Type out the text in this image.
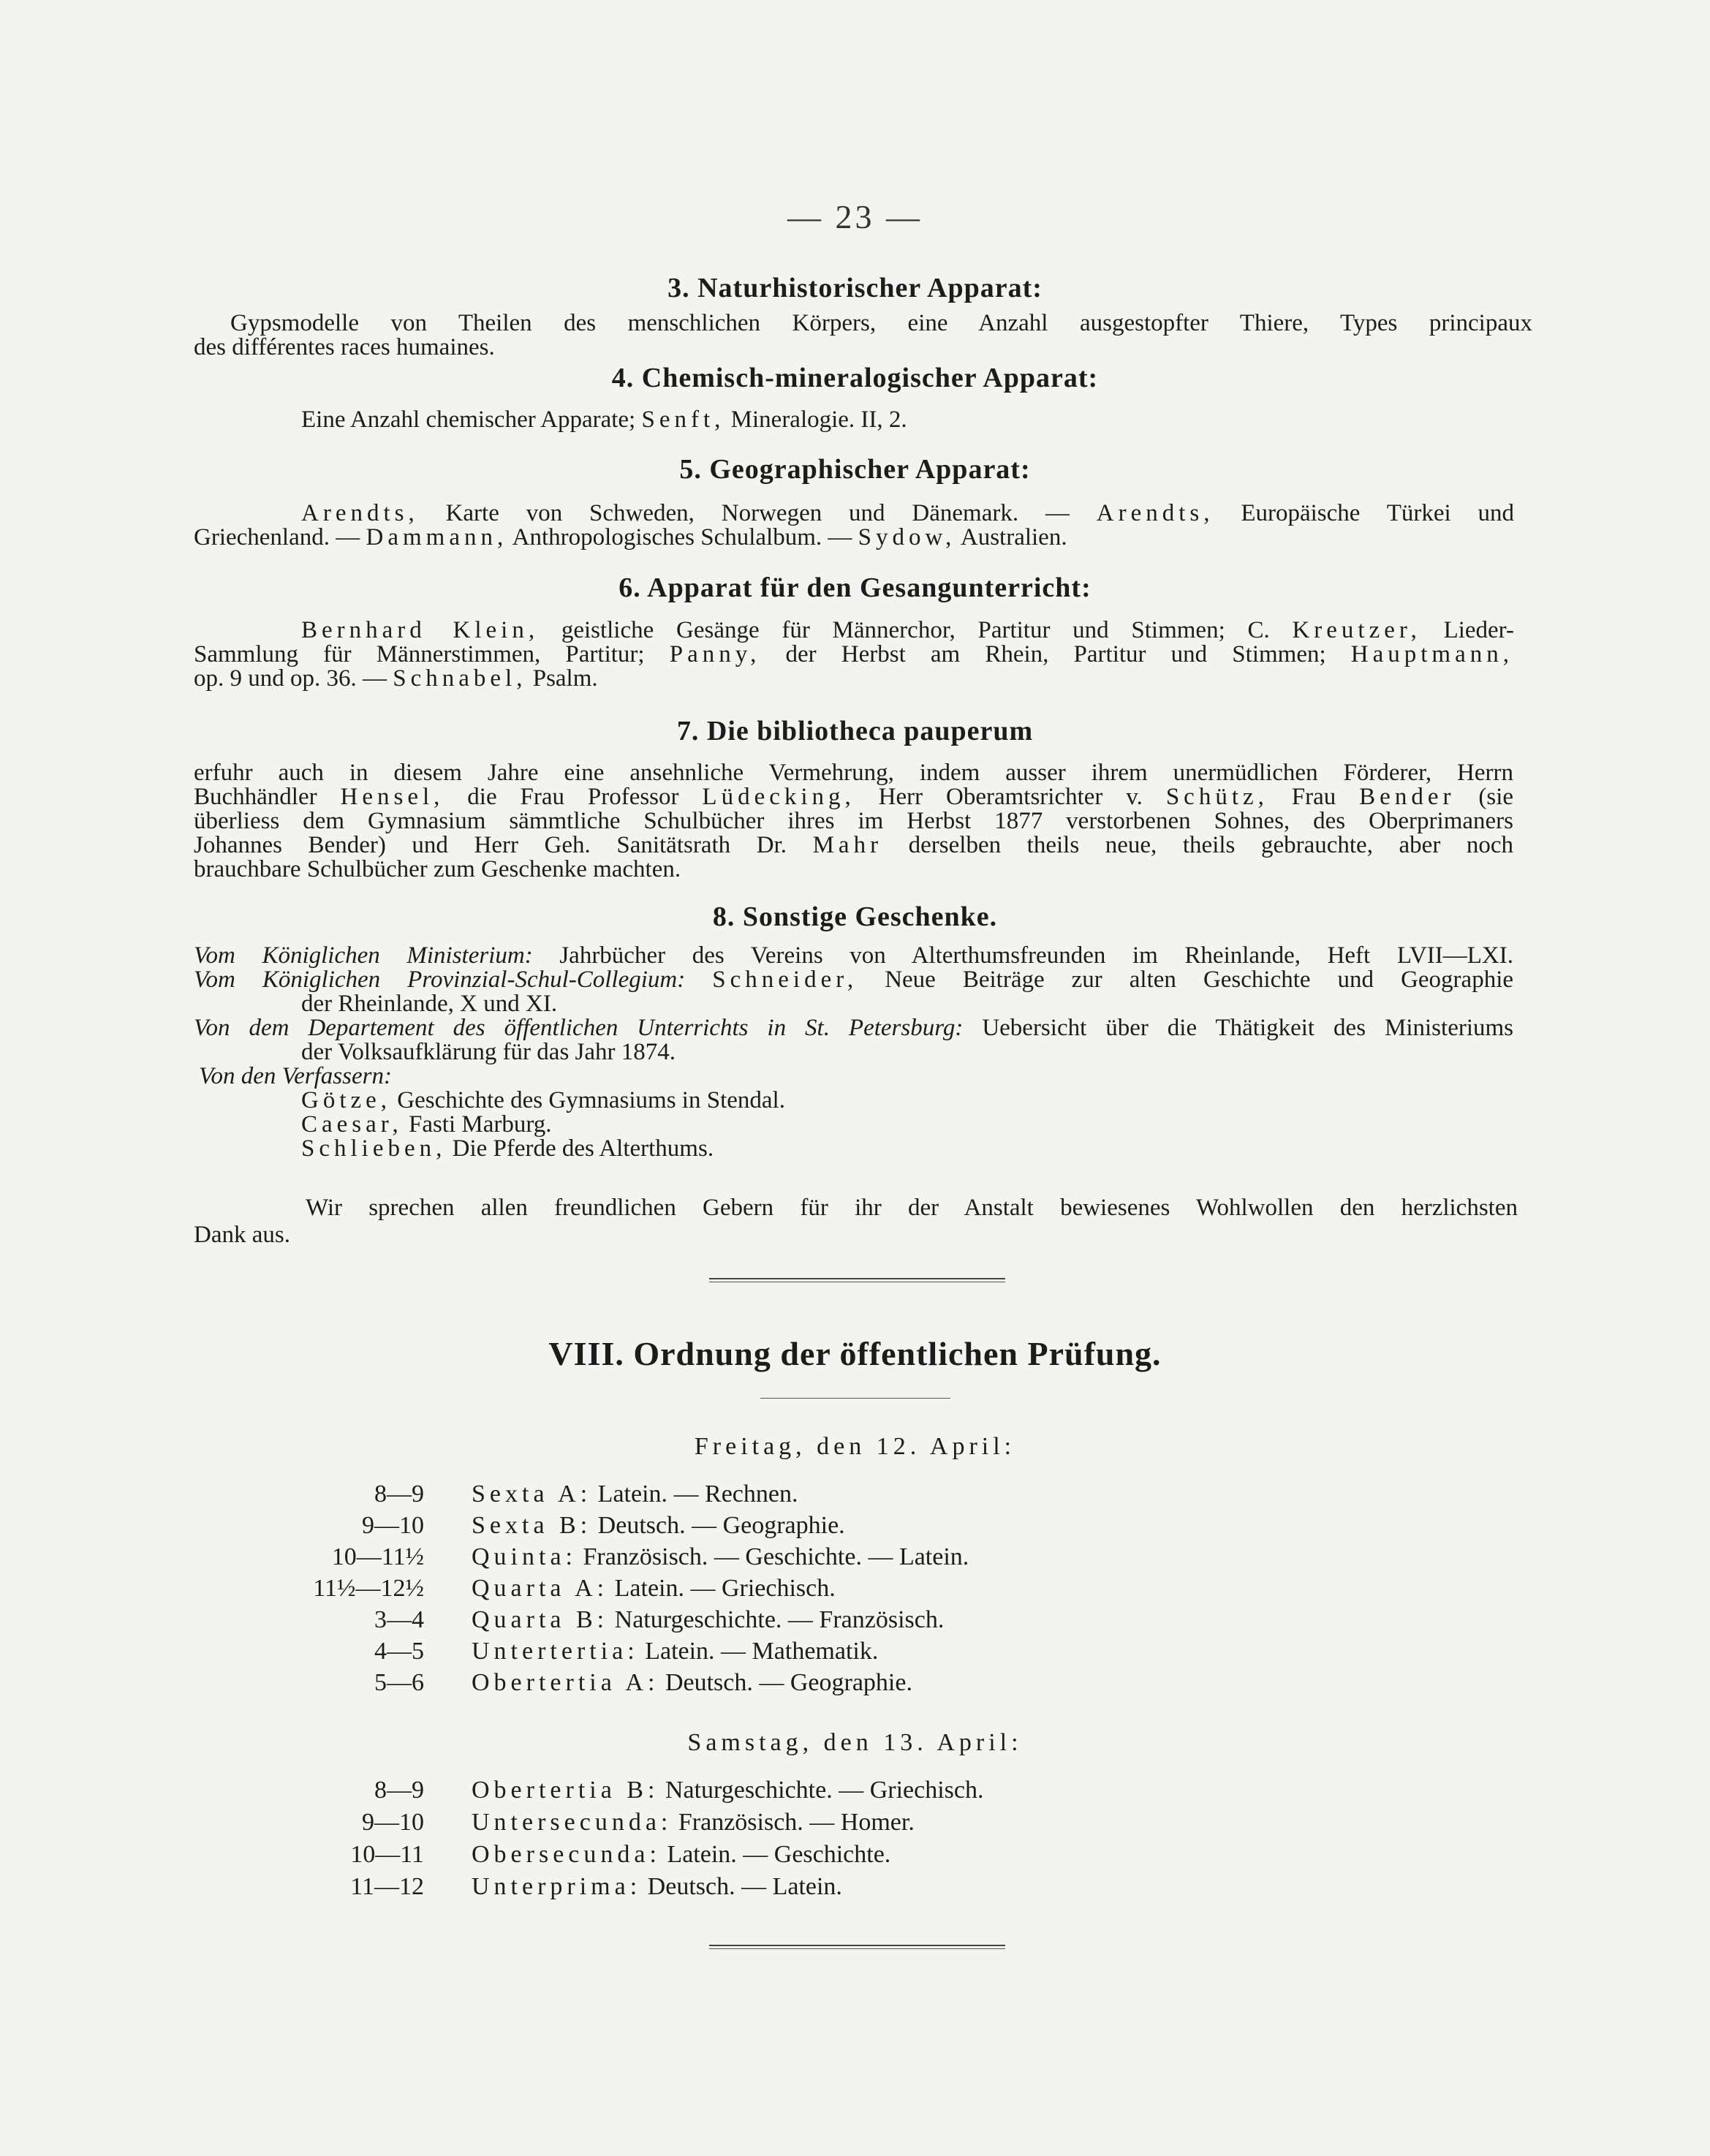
— 23 —
3. Naturhistorischer Apparat:
Gypsmodelle von Theilen des menschlichen Körpers, eine Anzahl ausgestopfter Thiere, Types principaux
des différentes races humaines.
4. Chemisch-mineralogischer Apparat:
Eine Anzahl chemischer Apparate; Senft, Mineralogie. II, 2.
5. Geographischer Apparat:
Arendts, Karte von Schweden, Norwegen und Dänemark. — Arendts, Europäische Türkei und
Griechenland. — Dammann, Anthropologisches Schulalbum. — Sydow, Australien.
6. Apparat für den Gesangunterricht:
Bernhard Klein, geistliche Gesänge für Männerchor, Partitur und Stimmen; C. Kreutzer, Lieder-
Sammlung für Männerstimmen, Partitur; Panny, der Herbst am Rhein, Partitur und Stimmen; Hauptmann,
op. 9 und op. 36. — Schnabel, Psalm.
7. Die bibliotheca pauperum
erfuhr auch in diesem Jahre eine ansehnliche Vermehrung, indem ausser ihrem unermüdlichen Förderer, Herrn
Buchhändler Hensel, die Frau Professor Lüdecking, Herr Oberamtsrichter v. Schütz, Frau Bender (sie
überliess dem Gymnasium sämmtliche Schulbücher ihres im Herbst 1877 verstorbenen Sohnes, des Oberprimaners
Johannes Bender) und Herr Geh. Sanitätsrath Dr. Mahr derselben theils neue, theils gebrauchte, aber noch
brauchbare Schulbücher zum Geschenke machten.
8. Sonstige Geschenke.
Vom Königlichen Ministerium: Jahrbücher des Vereins von Alterthumsfreunden im Rheinlande, Heft LVII—LXI.
Vom Königlichen Provinzial-Schul-Collegium: Schneider, Neue Beiträge zur alten Geschichte und Geographie
der Rheinlande, X und XI.
Von dem Departement des öffentlichen Unterrichts in St. Petersburg: Uebersicht über die Thätigkeit des Ministeriums
der Volksaufklärung für das Jahr 1874.
Von den Verfassern:
Götze, Geschichte des Gymnasiums in Stendal.
Caesar, Fasti Marburg.
Schlieben, Die Pferde des Alterthums.
Wir sprechen allen freundlichen Gebern für ihr der Anstalt bewiesenes Wohlwollen den herzlichsten
Dank aus.
VIII. Ordnung der öffentlichen Prüfung.
Freitag, den 12. April:
8—9 Sexta A: Latein. — Rechnen.
9—10 Sexta B: Deutsch. — Geographie.
10—11½ Quinta: Französisch. — Geschichte. — Latein.
11½—12½ Quarta A: Latein. — Griechisch.
3—4 Quarta B: Naturgeschichte. — Französisch.
4—5 Untertertia: Latein. — Mathematik.
5—6 Obertertia A: Deutsch. — Geographie.
Samstag, den 13. April:
8—9 Obertertia B: Naturgeschichte. — Griechisch.
9—10 Untersecunda: Französisch. — Homer.
10—11 Obersecunda: Latein. — Geschichte.
11—12 Unterprima: Deutsch. — Latein.
